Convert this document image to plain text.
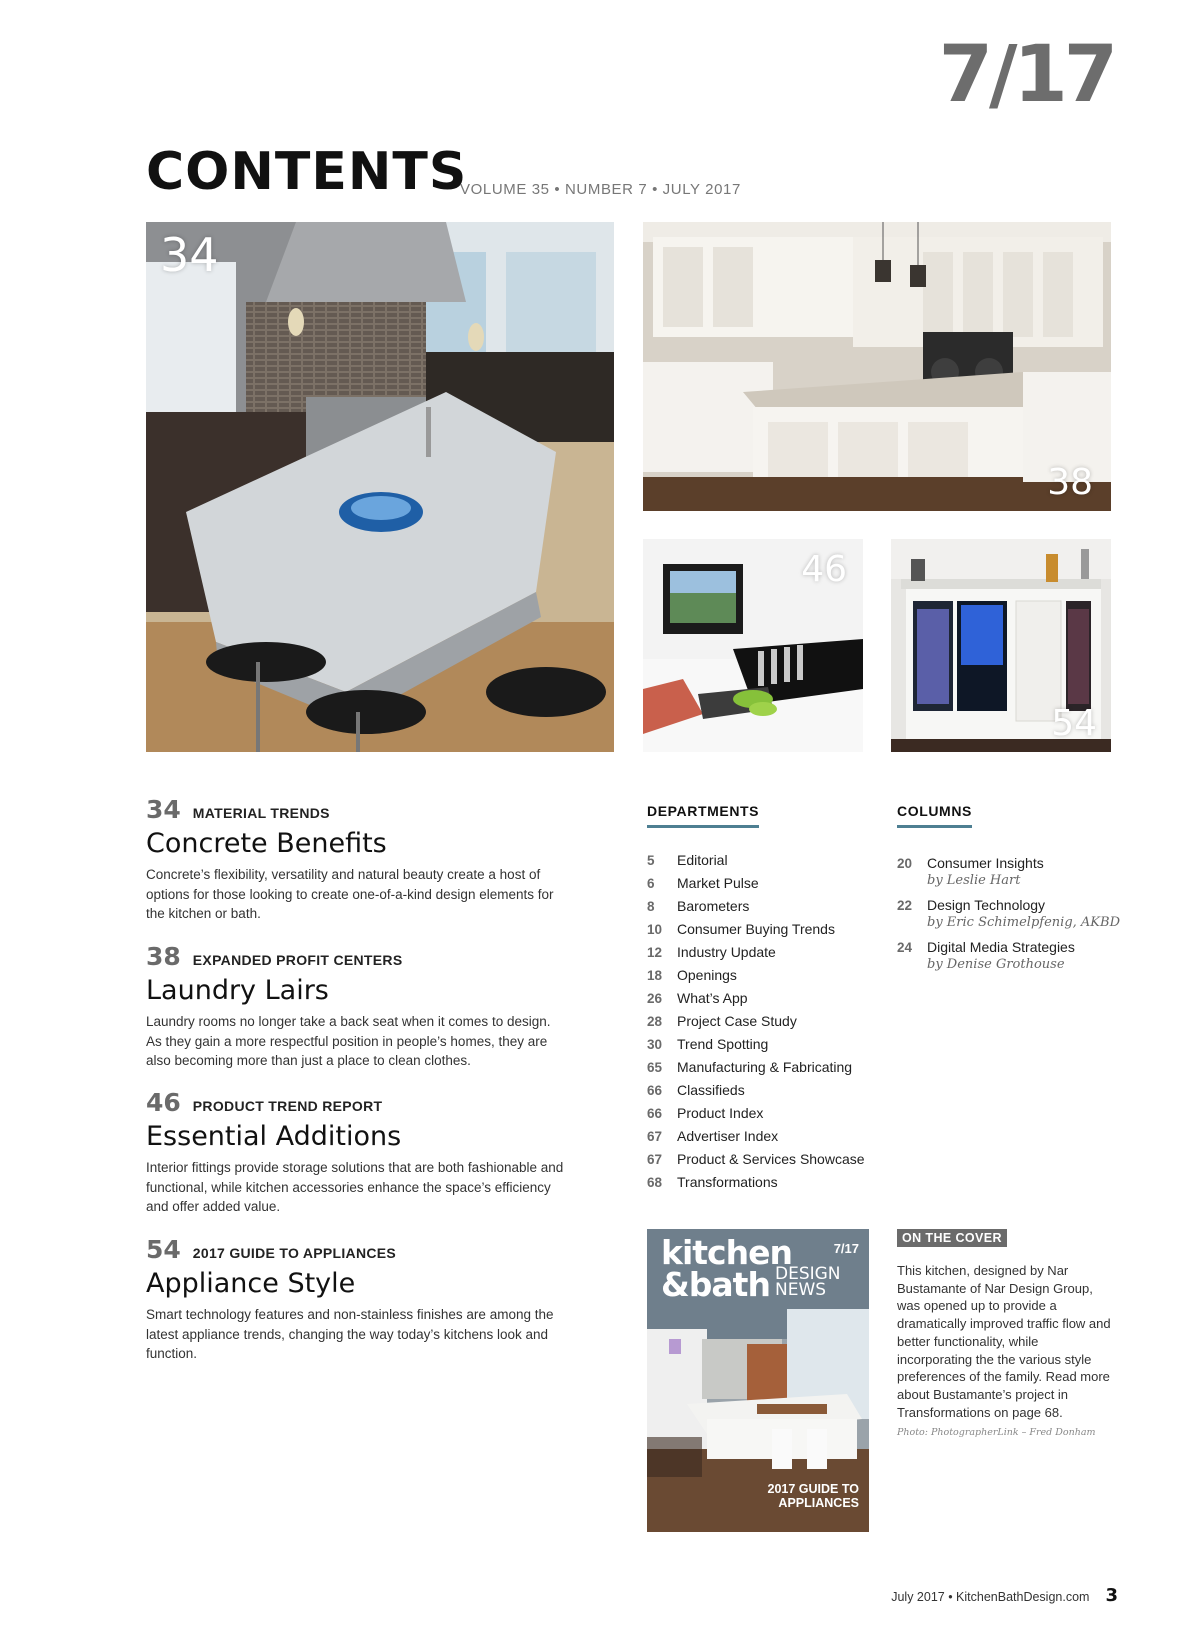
7/17
CONTENTS
VOLUME 35 • NUMBER 7 • JULY 2017
34
38
46
54
34 MATERIAL TRENDS
Concrete Benefits

Concrete’s flexibility, versatility and natural beauty create a host of options for those looking to create one-of-a-kind design elements for the kitchen or bath.

38 EXPANDED PROFIT CENTERS
Laundry Lairs

Laundry rooms no longer take a back seat when it comes to design. As they gain a more respectful position in people’s homes, they are also becoming more than just a place to clean clothes.

46 PRODUCT TREND REPORT
Essential Additions

Interior fittings provide storage solutions that are both fashionable and functional, while kitchen accessories enhance the space’s efficiency and offer added value.

54 2017 GUIDE TO APPLIANCES
Appliance Style

Smart technology features and non-stainless finishes are among the latest appliance trends, changing the way today’s kitchens look and function.

DEPARTMENTS
5	Editorial
6	Market Pulse
8	Barometers
10	Consumer Buying Trends
12	Industry Update
18	Openings
26	What’s App
28	Project Case Study
30	Trend Spotting
65	Manufacturing & Fabricating
66	Classifieds
66	Product Index
67	Advertiser Index
67	Product & Services Showcase
68	Transformations
COLUMNS
20	Consumer Insights
by Leslie Hart
22	Design Technology
by Eric Schimelpfenig, AKBD
24	Digital Media Strategies
by Denise Grothouse
kitchen
&bath DESIGN
NEWS
7/17
2017 GUIDE TO
APPLIANCES
ON THE COVER

This kitchen, designed by Nar Bustamante of Nar Design Group, was opened up to provide a dramatically improved traffic flow and better functionality, while incorporating the the various style preferences of the family. Read more about Bustamante’s project in Transformations on page 68.

Photo: PhotographerLink – Fred Donham
July 2017 • KitchenBathDesign.com 3
